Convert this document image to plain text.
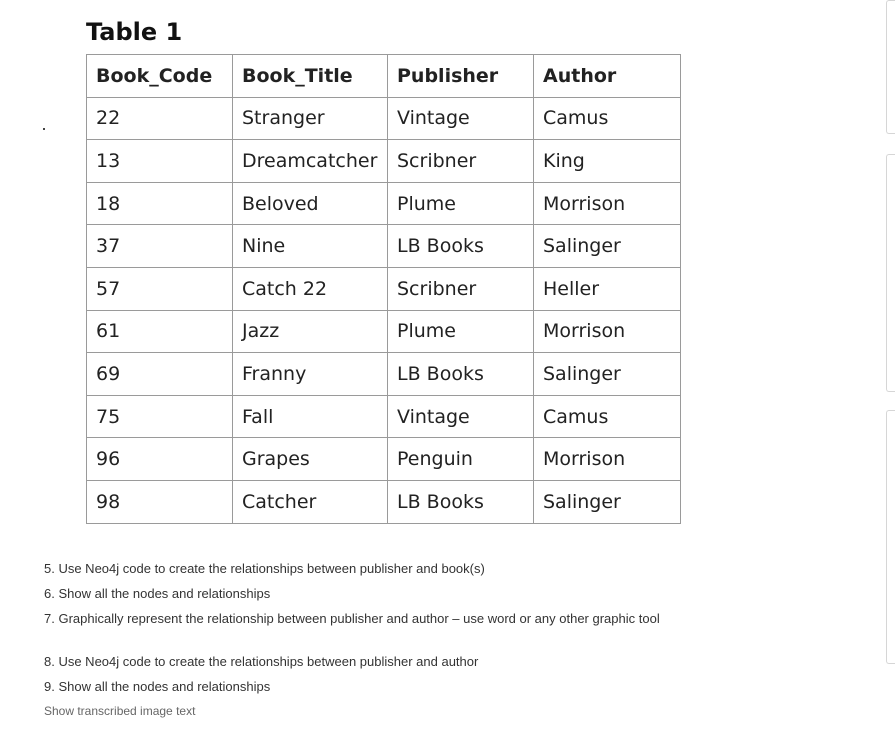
Table 1
Book_Code	Book_Title	Publisher	Author
22	Stranger	Vintage	Camus
13	Dreamcatcher	Scribner	King
18	Beloved	Plume	Morrison
37	Nine	LB Books	Salinger
57	Catch 22	Scribner	Heller
61	Jazz	Plume	Morrison
69	Franny	LB Books	Salinger
75	Fall	Vintage	Camus
96	Grapes	Penguin	Morrison
98	Catcher	LB Books	Salinger
5. Use Neo4j code to create the relationships between publisher and book(s)
6. Show all the nodes and relationships
7. Graphically represent the relationship between publisher and author – use word or any other graphic tool
8. Use Neo4j code to create the relationships between publisher and author
9. Show all the nodes and relationships
Show transcribed image text
